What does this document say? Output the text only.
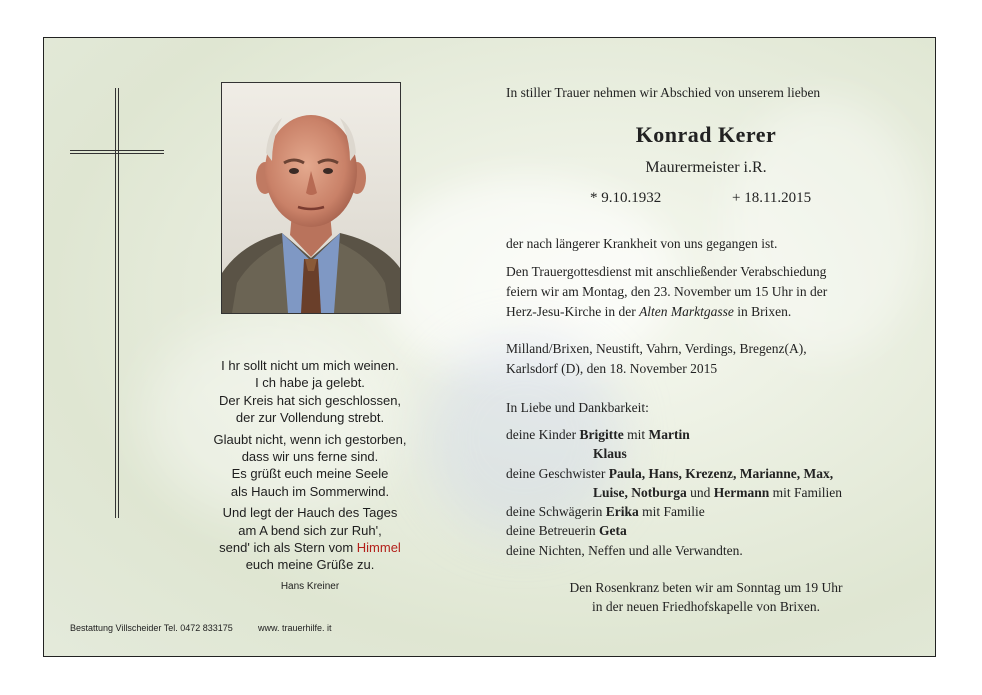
I hr sollt nicht um mich weinen.
I ch habe ja gelebt.
Der Kreis hat sich geschlossen,
der zur Vollendung strebt.
Glaubt nicht, wenn ich gestorben,
dass wir uns ferne sind.
Es grüßt euch meine Seele
als Hauch im Sommerwind.
Und legt der Hauch des Tages
am A bend sich zur Ruh',
send' ich als Stern vom Himmel
euch meine Grüße zu.
Hans Kreiner
Bestattung Villscheider Tel. 0472 833175	www. trauerhilfe. it
In stiller Trauer nehmen wir Abschied von unserem lieben
Konrad Kerer
Maurermeister i.R.
* 9.10.1932	+ 18.11.2015
der nach längerer Krankheit von uns gegangen ist.
Den Trauergottesdienst mit anschließender Verabschiedung
feiern wir am Montag, den 23. November um 15 Uhr in der
Herz-Jesu-Kirche in der Alten Marktgasse in Brixen.
Milland/Brixen, Neustift, Vahrn, Verdings, Bregenz(A),
Karlsdorf (D), den 18. November 2015
In Liebe und Dankbarkeit:
deine Kinder Brigitte mit Martin
Klaus
deine Geschwister Paula, Hans, Krezenz, Marianne, Max,
Luise, Notburga und Hermann mit Familien
deine Schwägerin Erika mit Familie
deine Betreuerin Geta
deine Nichten, Neffen und alle Verwandten.
Den Rosenkranz beten wir am Sonntag um 19 Uhr
in der neuen Friedhofskapelle von Brixen.
